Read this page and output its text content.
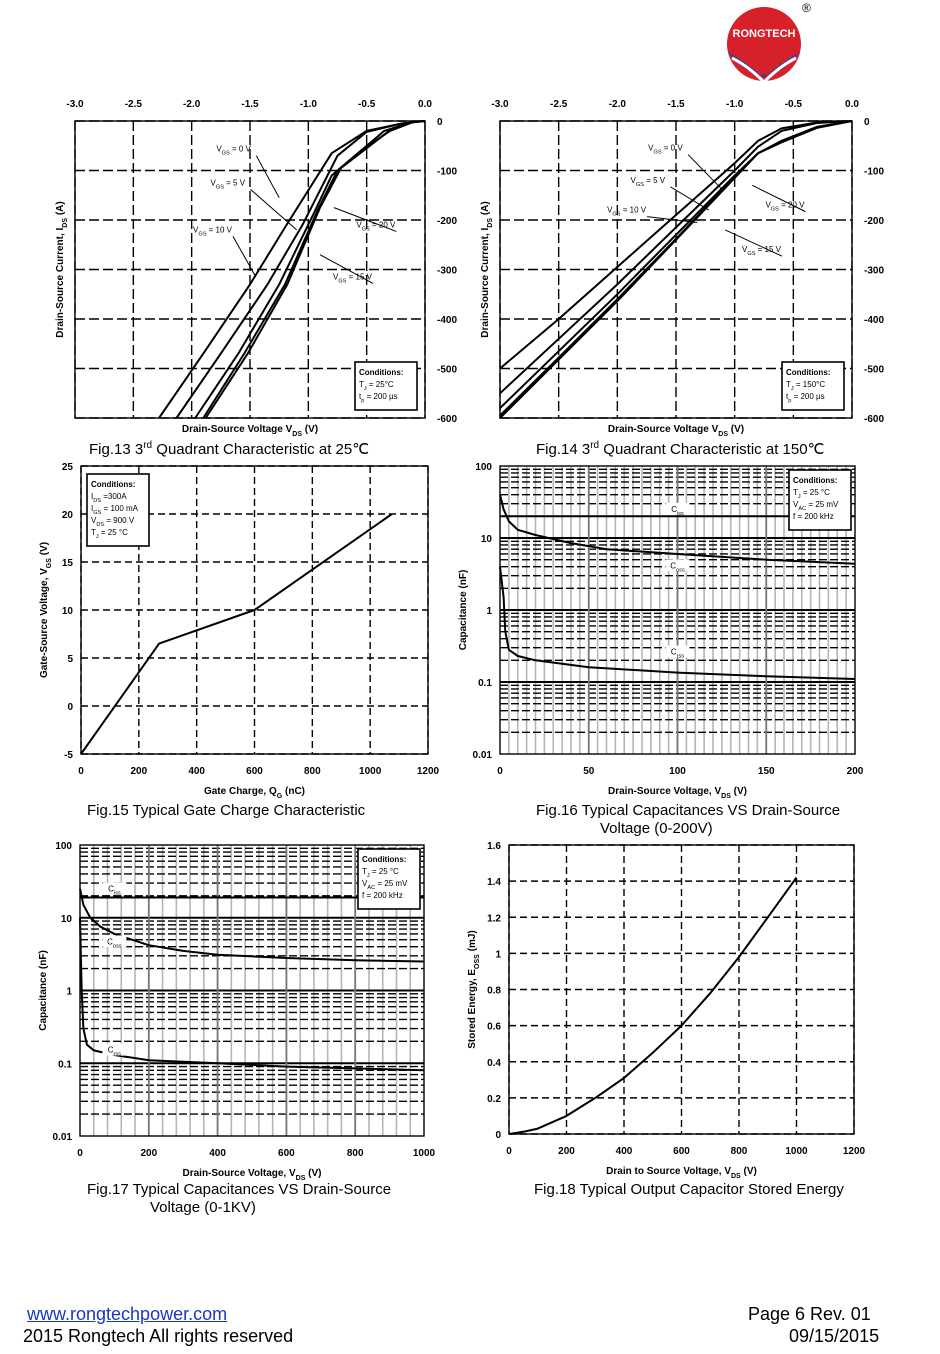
RONGTECH
®
-3.0	-2.5	-2.0	-1.5	-1.0	-0.5	0.0
0
-100
-200
-300
-400
-500
-600
Drain-Source Voltage $V_{DS}$ (V)
Drain-Source Current, $I_{DS}$ (A)
$V_{GS} = 0$ V
$V_{GS} = 5$ V
$V_{GS} = 10$ V
$V_{GS} = 15$ V
$V_{GS} = 20$ V
Conditions:
$T_J = 25^\circ C$
$t_p = 200$ µs
-3.0	-2.5	-2.0	-1.5	-1.0	-0.5	0.0
0
-100
-200
-300
-400
-500
-600
Drain-Source Voltage $V_{DS}$ (V)
Drain-Source Current, $I_{DS}$ (A)
$V_{GS} = 0$ V
$V_{GS} = 5$ V
$V_{GS} = 10$ V
$V_{GS} = 15$ V
$V_{GS} = 20$ V
Conditions:
$T_J = 150^\circ C$
$t_p = 200$ µs
0	200	400	600	800	1000	1200
-5
0
5
10
15
20
25
Gate Charge, $Q_G$ (nC)
Gate-Source Voltage, $V_{GS}$ (V)
Conditions:
$I_{DS} =300A$
$I_{GS} = 100$ mA
$V_{DS} = 900$ V
$T_J = 25$ °C
0	50	100	150	200
0.01
0.1
1
10
100
Drain-Source Voltage, $V_{DS}$ (V)
Capacitance (nF)
$C_{iss}$
$C_{oss}$
$C_{rss}$
Conditions:
$T_J = 25$ °C
$V_{AC} = 25$ mV
f = 200 kHz
0	200	400	600	800	1000
0.01
0.1
1
10
100
Drain-Source Voltage, $V_{DS}$ (V)
Capacitance (nF)
$C_{iss}$
$C_{oss}$
$C_{rss}$
Conditions:
$T_J = 25$ °C
$V_{AC} = 25$ mV
f = 200 kHz
0	200	400	600	800	1000	1200
0
0.2
0.4
0.6
0.8
1
1.2
1.4
1.6
Drain to Source Voltage, $V_{DS}$ (V)
Stored Energy, $E_{OSS}$ (mJ)
Fig.13 3rd Quadrant Characteristic at 25℃	Fig.14 3rd Quadrant Characteristic at 150℃
Fig.15 Typical Gate Charge Characteristic	Fig.16 Typical Capacitances VS Drain-Source
Voltage (0-200V)
Fig.17 Typical Capacitances VS Drain-Source
Voltage (0-1KV)
Fig.18 Typical Output Capacitor Stored Energy
www.rongtechpower.com
2015 Rongtech All rights reserved
Page 6 Rev. 01
09/15/2015
